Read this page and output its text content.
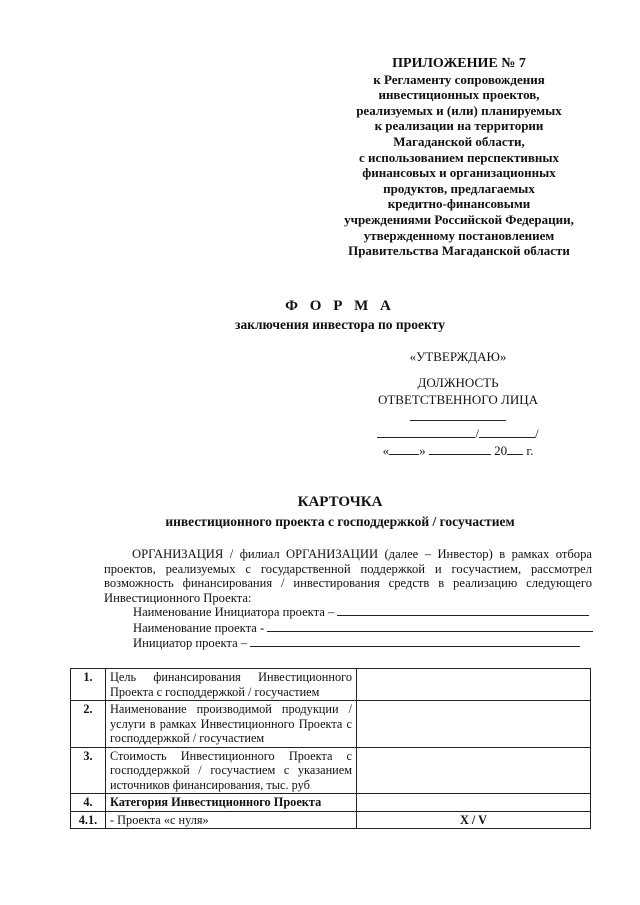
ПРИЛОЖЕНИЕ № 7
к Регламенту сопровождения
инвестиционных проектов,
реализуемых и (или) планируемых
к реализации на территории
Магаданской области,
с использованием перспективных
финансовых и организационных
продуктов, предлагаемых
кредитно-финансовыми
учреждениями Российской Федерации,
утвержденному постановлением
Правительства Магаданской области
Ф О Р М А
заключения инвестора по проекту
«УТВЕРЖДАЮ»
ДОЛЖНОСТЬ
ОТВЕТСТВЕННОГО ЛИЦА
/	/
« »	20 г.
КАРТОЧКА
инвестиционного проекта с господдержкой / госучастием
ОРГАНИЗАЦИЯ / филиал ОРГАНИЗАЦИИ (далее – Инвестор) в рамках отбора проектов, реализуемых с государственной поддержкой и госучастием, рассмотрел возможность финансирования / инвестирования средств в реализацию следующего Инвестиционного Проекта:
Наименование Инициатора проекта –
Наименование проекта -
Инициатор проекта –
1.	Цель финансирования Инвестиционного Проекта с господдержкой / госучастием	
2.	Наименование производимой продукции / услуги в рамках Инвестиционного Проекта с господдержкой / госучастием	
3.	Стоимость Инвестиционного Проекта с господдержкой / госучастием с указанием источников финансирования, тыс. руб	
4.	Категория Инвестиционного Проекта	
4.1.	- Проекта «с нуля»	X / V
